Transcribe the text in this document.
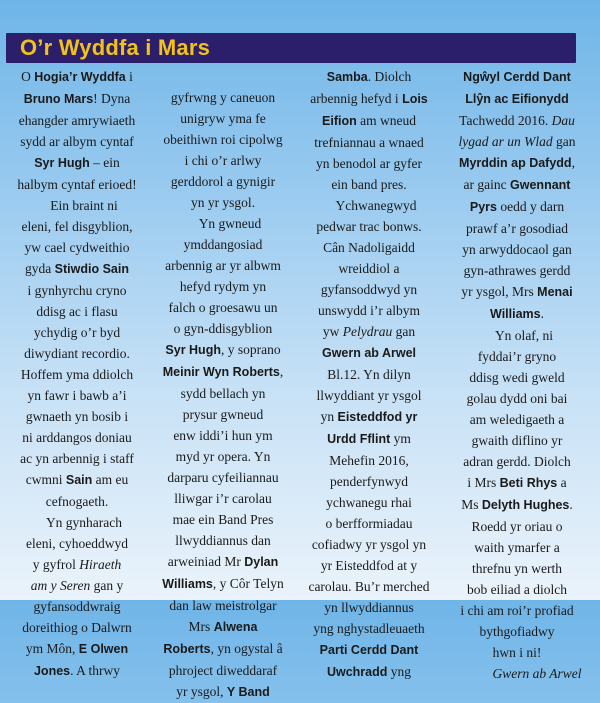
O’r Wyddfa i Mars
O Hogia’r Wyddfa i
Bruno Mars! Dyna
ehangder amrywiaeth
sydd ar albym cyntaf
Syr Hugh – ein
halbym cyntaf erioed!
Ein braint ni
eleni, fel disgyblion,
yw cael cydweithio
gyda Stiwdio Sain
i gynhyrchu cryno
ddisg ac i flasu
ychydig o’r byd
diwydiant recordio.
Hoffem yma ddiolch
yn fawr i bawb a’i
gwnaeth yn bosib i
ni arddangos doniau
ac yn arbennig i staff
cwmni Sain am eu
cefnogaeth.
Yn gynharach
eleni, cyhoeddwyd
y gyfrol Hiraeth
am y Seren gan y
gyfansoddwraig
doreithiog o Dalwrn
ym Môn, E Olwen
Jones. A thrwy

gyfrwng y caneuon
unigryw yma fe
obeithiwn roi cipolwg
i chi o’r arlwy
gerddorol a gynigir
yn yr ysgol.
Yn gwneud
ymddangosiad
arbennig ar yr albwm
hefyd rydym yn
falch o groesawu un
o gyn-ddisgyblion
Syr Hugh, y soprano
Meinir Wyn Roberts,
sydd bellach yn
prysur gwneud
enw iddi’i hun ym
myd yr opera. Yn
darparu cyfeiliannau
lliwgar i’r carolau
mae ein Band Pres
llwyddiannus dan
arweiniad Mr Dylan
Williams, y Côr Telyn
dan law meistrolgar
Mrs Alwena
Roberts, yn ogystal â
phroject diweddaraf
yr ysgol, Y Band
Samba. Diolch
arbennig hefyd i Lois
Eifion am wneud
trefniannau a wnaed
yn benodol ar gyfer
ein band pres.
Ychwanegwyd
pedwar trac bonws.
Cân Nadoligaidd
wreiddiol a
gyfansoddwyd yn
unswydd i’r albym
yw Pelydrau gan
Gwern ab Arwel
Bl.12. Yn dilyn
llwyddiant yr ysgol
yn Eisteddfod yr
Urdd Fflint ym
Mehefin 2016,
penderfynwyd
ychwanegu rhai
o berfformiadau
cofiadwy yr ysgol yn
yr Eisteddfod at y
carolau. Bu’r merched
yn llwyddiannus
yng nghystadleuaeth
Parti Cerdd Dant
Uwchradd yng
Ngŵyl Cerdd Dant
Llŷn ac Eifionydd
Tachwedd 2016. Dau
lygad ar un Wlad gan
Myrddin ap Dafydd,
ar gainc Gwennant
Pyrs oedd y darn
prawf a’r gosodiad
yn arwyddocaol gan
gyn-athrawes gerdd
yr ysgol, Mrs Menai
Williams.
Yn olaf, ni
fyddai’r gryno
ddisg wedi gweld
golau dydd oni bai
am weledigaeth a
gwaith diflino yr
adran gerdd. Diolch
i Mrs Beti Rhys a
Ms Delyth Hughes.
Roedd yr oriau o
waith ymarfer a
threfnu yn werth
bob eiliad a diolch
i chi am roi’r profiad
bythgofiadwy
hwn i ni!
Gwern ab Arwel
